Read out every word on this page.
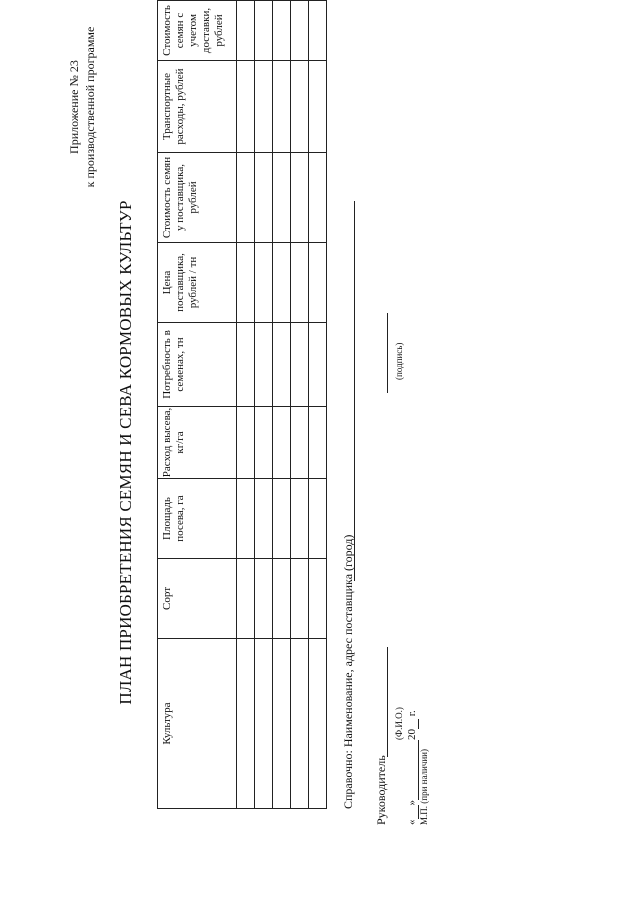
Приложение № 23 к производственной программе
ПЛАН ПРИОБРЕТЕНИЯ СЕМЯН И СЕВА КОРМОВЫХ КУЛЬТУР
Культура	Сорт	Площадь посева, га	Расход высева, кг/га	Потребность в семенах, тн	Цена поставщика, рублей / тн	Стоимость семян у поставщика, рублей	Транспортные расходы, рублей	Стоимость семян с учетом доставки, рублей

Справочно: Наименование, адрес поставщика (город) Руководитель
(Ф.И.О.)
(подпись)
« » 20  г.
М.П. (при наличии)
